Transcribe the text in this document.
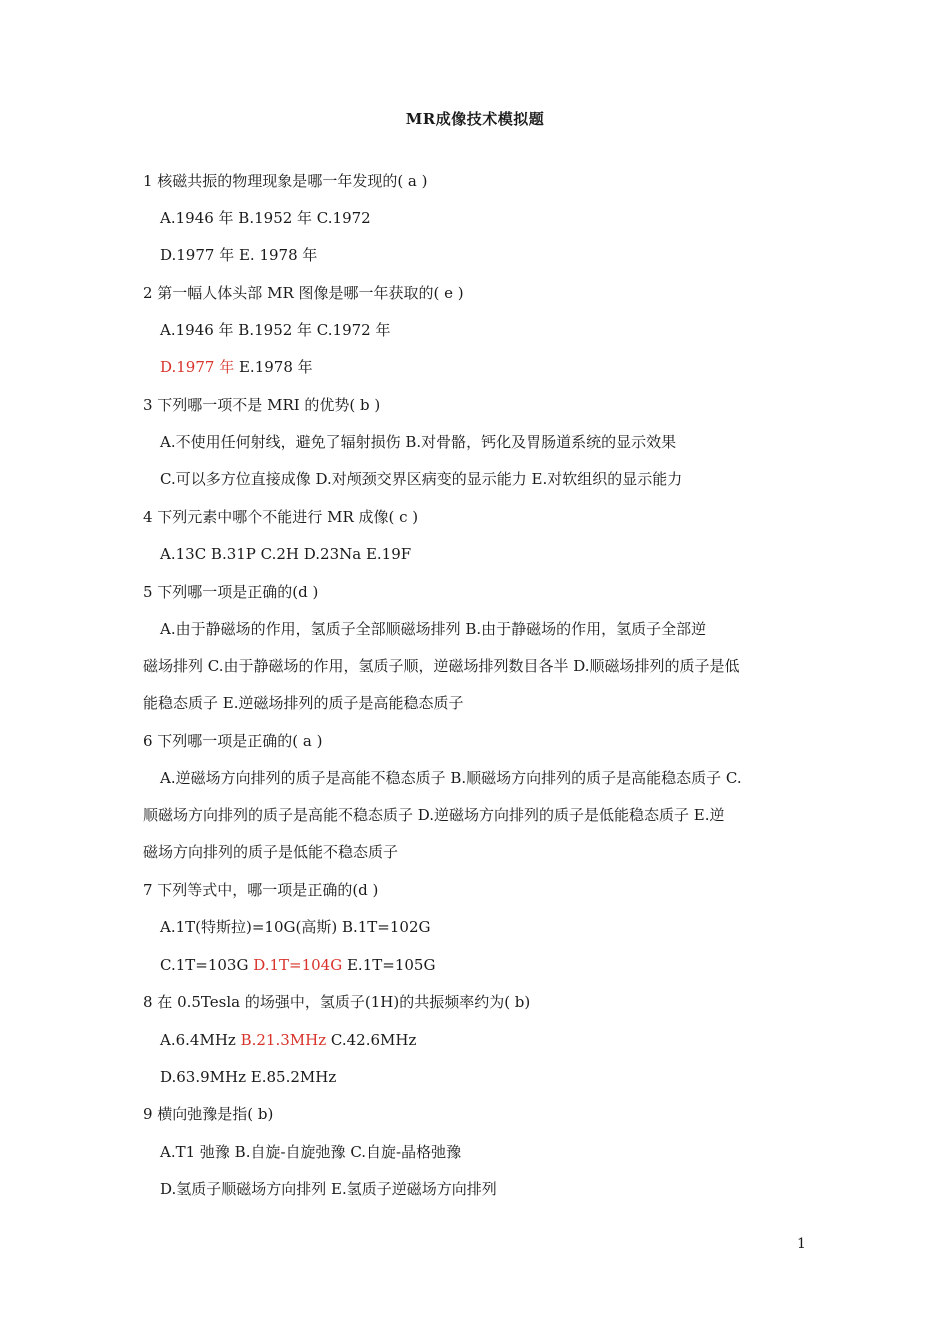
MR成像技术模拟题
1 核磁共振的物理现象是哪一年发现的( a )
A.1946 年 B.1952 年 C.1972
D.1977 年 E. 1978 年
2 第一幅人体头部 MR 图像是哪一年获取的( e )
A.1946 年 B.1952 年 C.1972 年
D.1977 年 E.1978 年
3 下列哪一项不是 MRI 的优势( b )
A.不使用任何射线，避免了辐射损伤 B.对骨骼，钙化及胃肠道系统的显示效果
C.可以多方位直接成像 D.对颅颈交界区病变的显示能力 E.对软组织的显示能力
4 下列元素中哪个不能进行 MR 成像( c )
A.13C B.31P C.2H D.23Na E.19F
5 下列哪一项是正确的(d )
A.由于静磁场的作用，氢质子全部顺磁场排列 B.由于静磁场的作用，氢质子全部逆
磁场排列 C.由于静磁场的作用，氢质子顺，逆磁场排列数目各半 D.顺磁场排列的质子是低
能稳态质子 E.逆磁场排列的质子是高能稳态质子
6 下列哪一项是正确的( a )
A.逆磁场方向排列的质子是高能不稳态质子 B.顺磁场方向排列的质子是高能稳态质子 C.
顺磁场方向排列的质子是高能不稳态质子 D.逆磁场方向排列的质子是低能稳态质子 E.逆
磁场方向排列的质子是低能不稳态质子
7 下列等式中，哪一项是正确的(d )
A.1T(特斯拉)=10G(高斯) B.1T=102G
C.1T=103G D.1T=104G E.1T=105G
8 在 0.5Tesla 的场强中，氢质子(1H)的共振频率约为( b)
A.6.4MHz B.21.3MHz C.42.6MHz
D.63.9MHz E.85.2MHz
9 横向弛豫是指( b)
A.T1 弛豫 B.自旋-自旋弛豫 C.自旋-晶格弛豫
D.氢质子顺磁场方向排列 E.氢质子逆磁场方向排列
1
